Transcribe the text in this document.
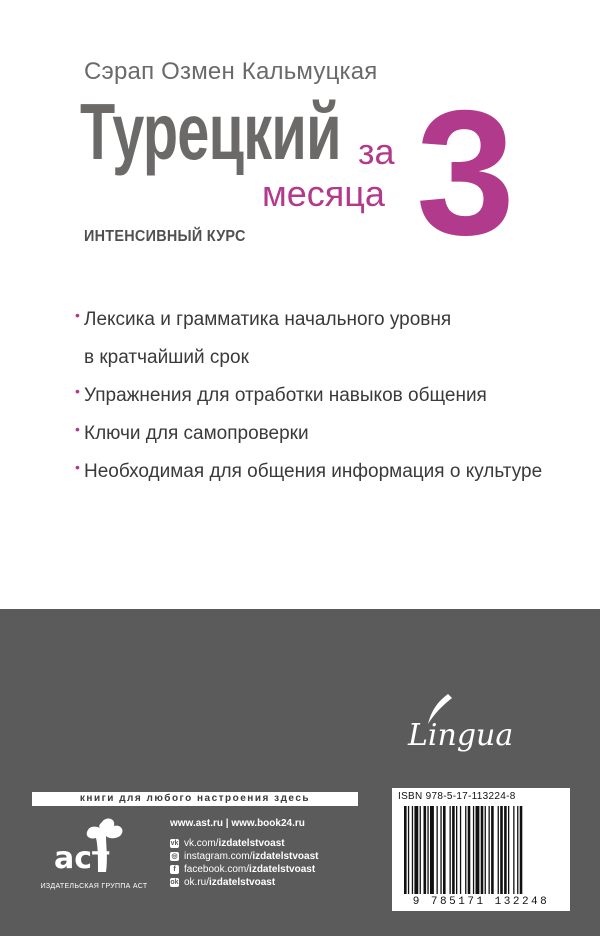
Сэрап Озмен Кальмуцкая
Турецкий за
месяца 3
ИНТЕНСИВНЫЙ КУРС
• Лексика и грамматика начального уровня
в кратчайший срок
• Упражнения для отработки навыков общения
• Ключи для самопроверки
• Необходимая для общения информация о культуре
Lingua
книги для любого настроения здесь
аст
ИЗДАТЕЛЬСКАЯ ГРУППА АСТ
www.ast.ru | www.book24.ru
vk vk.com/ izdatelstvoast
◎ instagram.com/ izdatelstvoast
f facebook.com/ izdatelstvoast
ok ok.ru/ izdatelstvoast
ISBN 978-5-17-113224-8
9 785171 132248
